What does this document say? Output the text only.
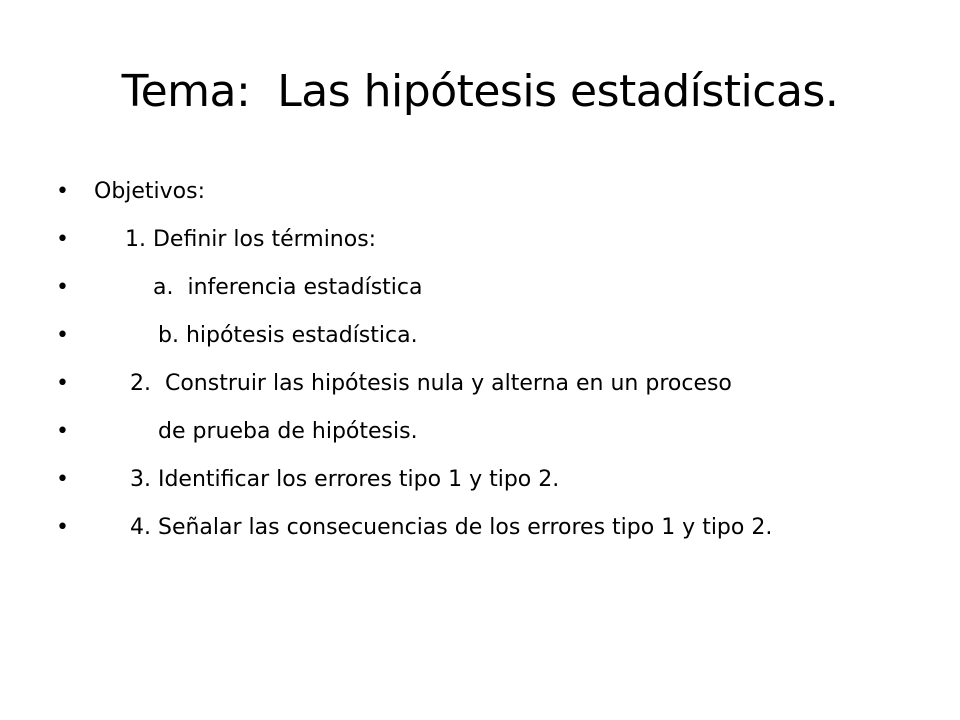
Tema:  Las hipótesis estadísticas.

•

Objetivos:

•

	1. Definir los términos:

•

	a.  inferencia estadística

•

	b. hipótesis estadística.

•

	2.  Construir las hipótesis nula y alterna en un proceso

•

	de prueba de hipótesis.

•

	3. Identificar los errores tipo 1 y tipo 2.

•

	4. Señalar las consecuencias de los errores tipo 1 y tipo 2.
